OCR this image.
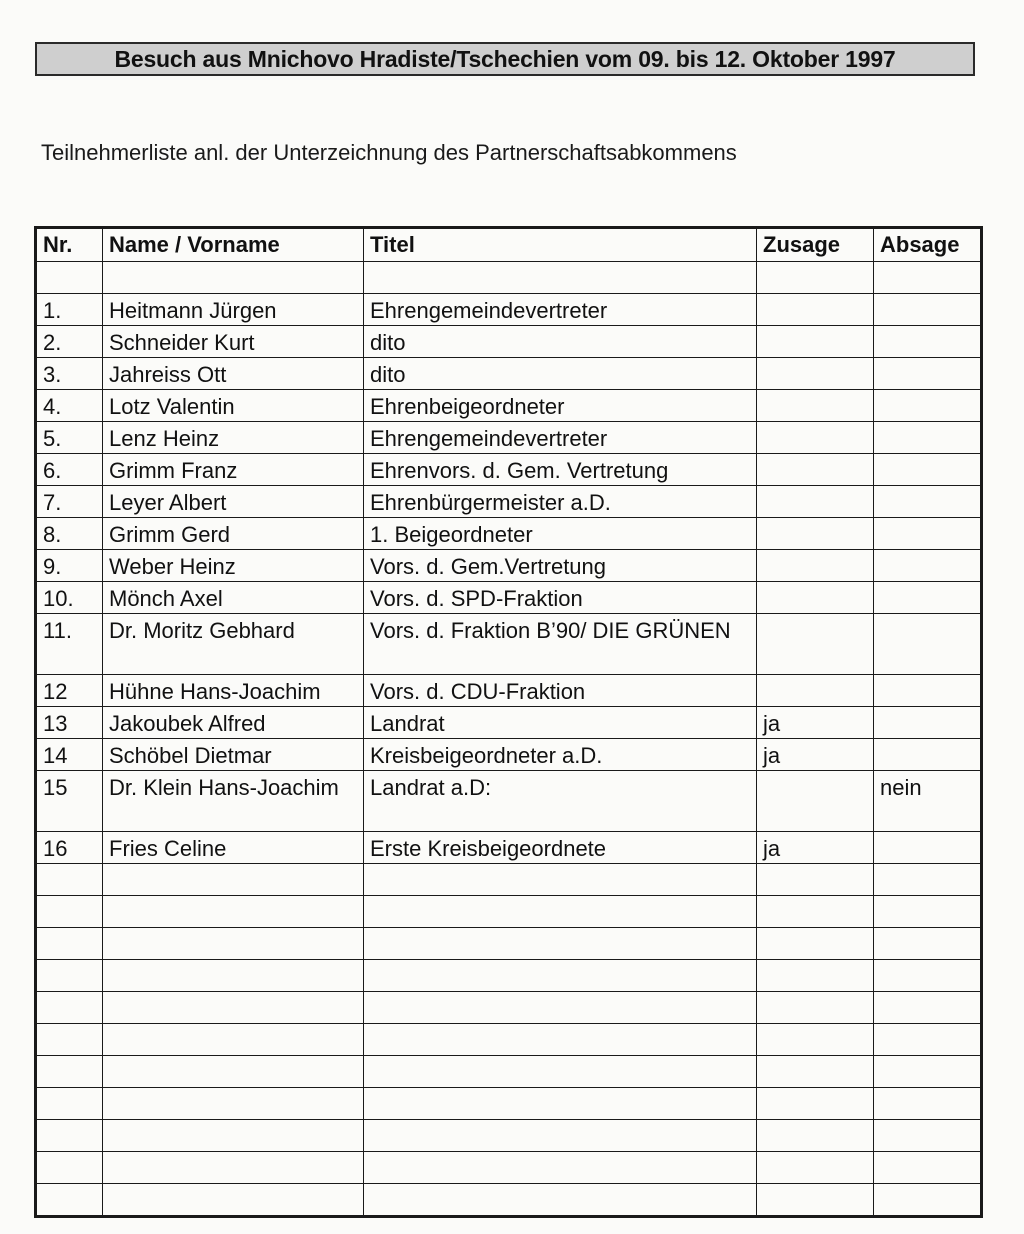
Besuch aus Mnichovo Hradiste/Tschechien vom 09. bis 12. Oktober 1997
Teilnehmerliste anl. der Unterzeichnung des Partnerschaftsabkommens
Nr.	Name / Vorname	Titel	Zusage	Absage

1.	Heitmann Jürgen	Ehrengemeindevertreter		
2.	Schneider Kurt	dito		
3.	Jahreiss Ott	dito		
4.	Lotz Valentin	Ehrenbeigeordneter		
5.	Lenz Heinz	Ehrengemeindevertreter		
6.	Grimm Franz	Ehrenvors. d. Gem. Vertretung		
7.	Leyer Albert	Ehrenbürgermeister a.D.		
8.	Grimm Gerd	1. Beigeordneter		
9.	Weber Heinz	Vors. d. Gem.Vertretung		
10.	Mönch Axel	Vors. d. SPD-Fraktion		
11.	Dr. Moritz Gebhard	Vors. d. Fraktion B’90/ DIE GRÜNEN		
12	Hühne Hans-Joachim	Vors. d. CDU-Fraktion		
13	Jakoubek Alfred	Landrat	ja	
14	Schöbel Dietmar	Kreisbeigeordneter a.D.	ja	
15	Dr. Klein Hans-Joachim	Landrat a.D:		nein
16	Fries Celine	Erste Kreisbeigeordnete	ja	
